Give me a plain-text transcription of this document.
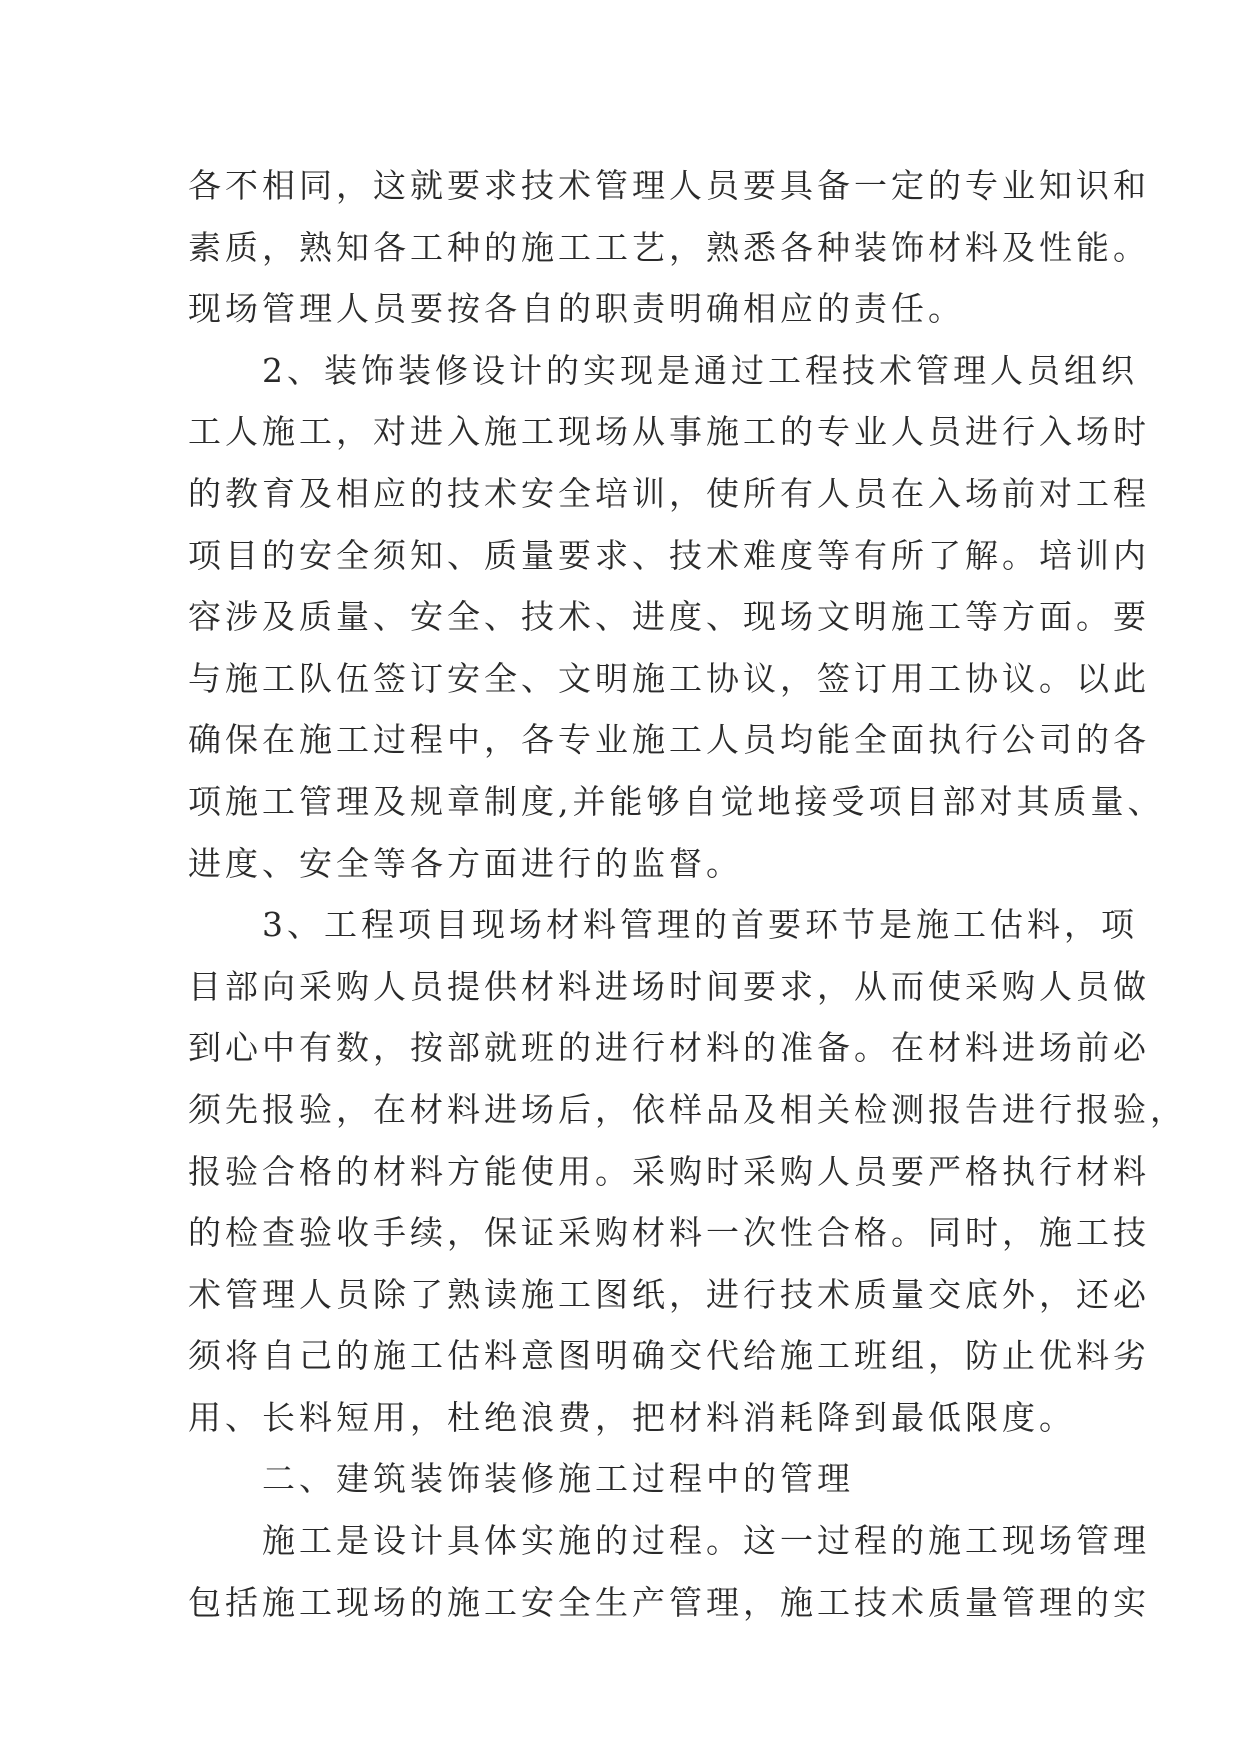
各不相同，这就要求技术管理人员要具备一定的专业知识和
素质，熟知各工种的施工工艺，熟悉各种装饰材料及性能。
现场管理人员要按各自的职责明确相应的责任。
　　2、装饰装修设计的实现是通过工程技术管理人员组织
工人施工，对进入施工现场从事施工的专业人员进行入场时
的教育及相应的技术安全培训，使所有人员在入场前对工程
项目的安全须知、质量要求、技术难度等有所了解。培训内
容涉及质量、安全、技术、进度、现场文明施工等方面。要
与施工队伍签订安全、文明施工协议，签订用工协议。以此
确保在施工过程中，各专业施工人员均能全面执行公司的各
项施工管理及规章制度,并能够自觉地接受项目部对其质量、
进度、安全等各方面进行的监督。
　　3、工程项目现场材料管理的首要环节是施工估料，项
目部向采购人员提供材料进场时间要求，从而使采购人员做
到心中有数，按部就班的进行材料的准备。在材料进场前必
须先报验，在材料进场后，依样品及相关检测报告进行报验，
报验合格的材料方能使用。采购时采购人员要严格执行材料
的检查验收手续，保证采购材料一次性合格。同时，施工技
术管理人员除了熟读施工图纸，进行技术质量交底外，还必
须将自己的施工估料意图明确交代给施工班组，防止优料劣
用、长料短用，杜绝浪费，把材料消耗降到最低限度。
　　二、建筑装饰装修施工过程中的管理
　　施工是设计具体实施的过程。这一过程的施工现场管理
包括施工现场的施工安全生产管理，施工技术质量管理的实
